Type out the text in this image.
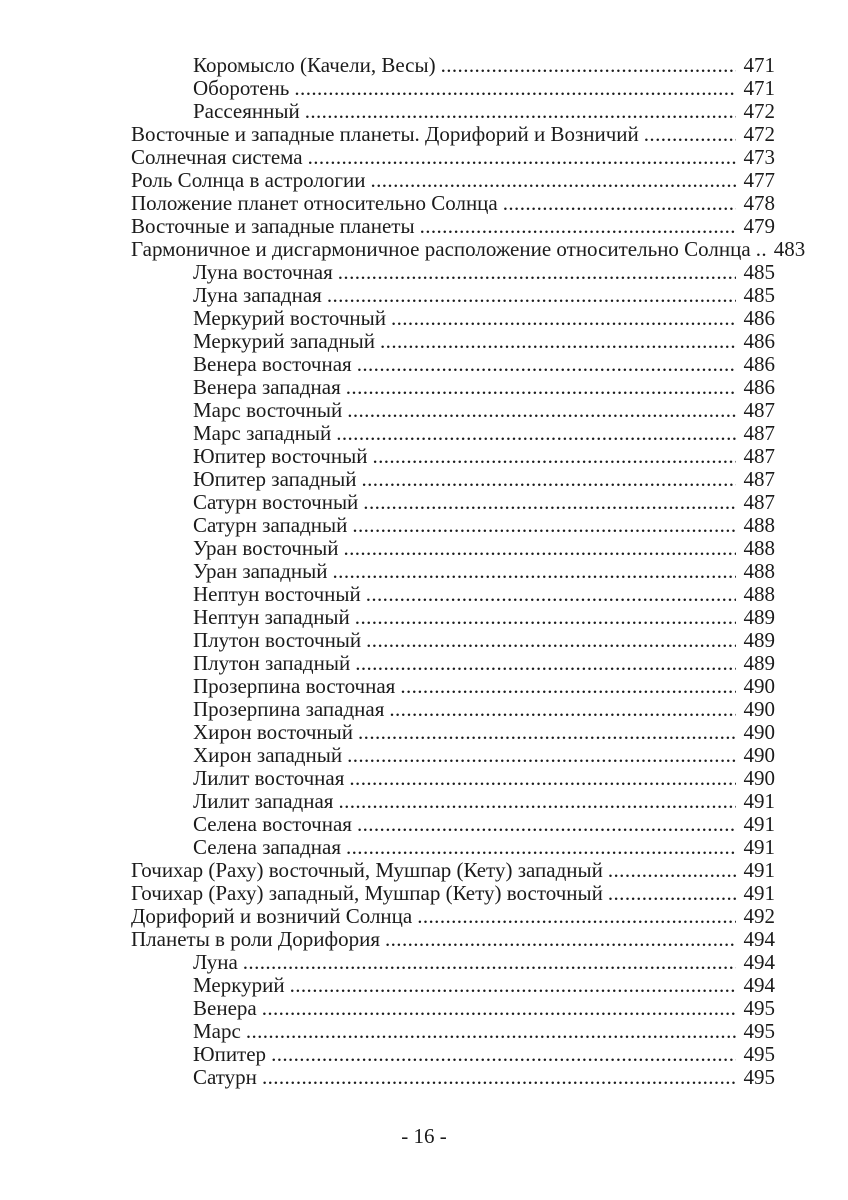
Коромысло (Качели, Весы) .....	471
Оборотень .....	471
Рассеянный .....	472
Восточные и западные планеты. Дорифорий и Возничий .....	472
Солнечная система .....	473
Роль Солнца в астрологии .....	477
Положение планет относительно Солнца .....	478
Восточные и западные планеты .....	479
Гармоничное и дисгармоничное расположение относительно Солнца .....	483
Луна восточная .....	485
Луна западная .....	485
Меркурий восточный .....	486
Меркурий западный .....	486
Венера восточная .....	486
Венера западная .....	486
Марс восточный .....	487
Марс западный .....	487
Юпитер восточный .....	487
Юпитер западный .....	487
Сатурн восточный .....	487
Сатурн западный .....	488
Уран восточный .....	488
Уран западный .....	488
Нептун восточный .....	488
Нептун западный .....	489
Плутон восточный .....	489
Плутон западный .....	489
Прозерпина восточная .....	490
Прозерпина западная .....	490
Хирон восточный .....	490
Хирон западный .....	490
Лилит восточная .....	490
Лилит западная .....	491
Селена восточная .....	491
Селена западная .....	491
Гочихар (Раху) восточный, Мушпар (Кету) западный .....	491
Гочихар (Раху) западный, Мушпар (Кету) восточный .....	491
Дорифорий и возничий Солнца .....	492
Планеты в роли Дорифория .....	494
Луна .....	494
Меркурий .....	494
Венера .....	495
Марс .....	495
Юпитер .....	495
Сатурн .....	495
- 16 -
